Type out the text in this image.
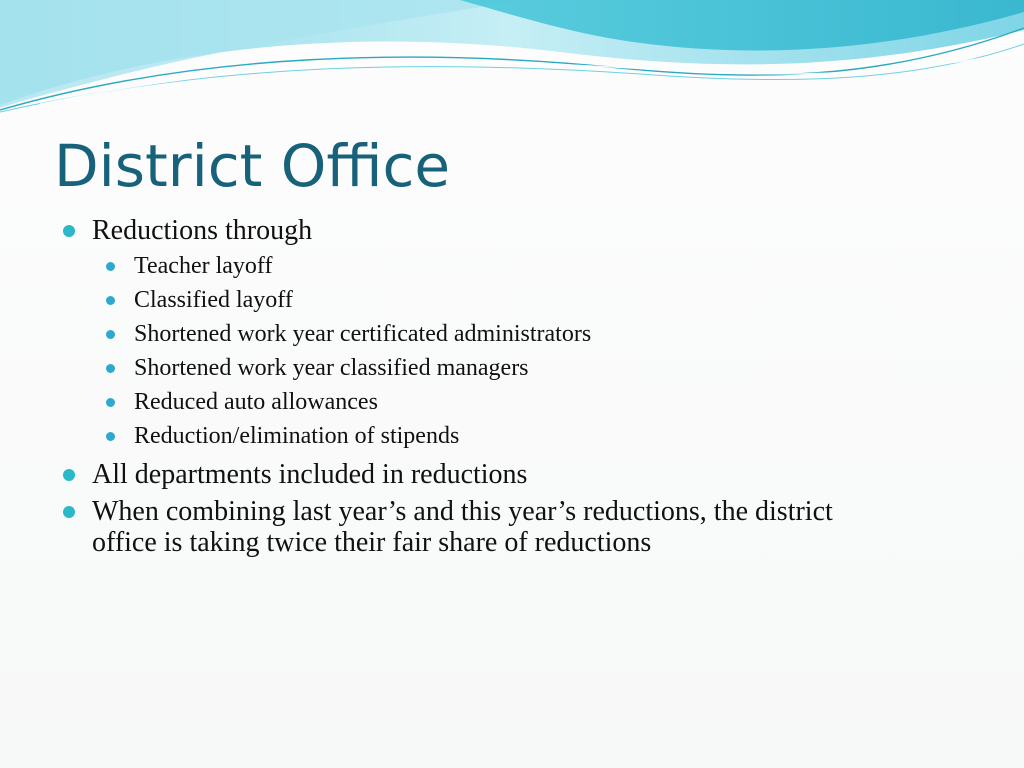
District Office
Reductions through
Teacher layoff
Classified layoff
Shortened work year certificated administrators
Shortened work year classified managers
Reduced auto allowances
Reduction/elimination of stipends
All departments included in reductions
When combining last year’s and this year’s reductions, the district office is taking twice their fair share of reductions
